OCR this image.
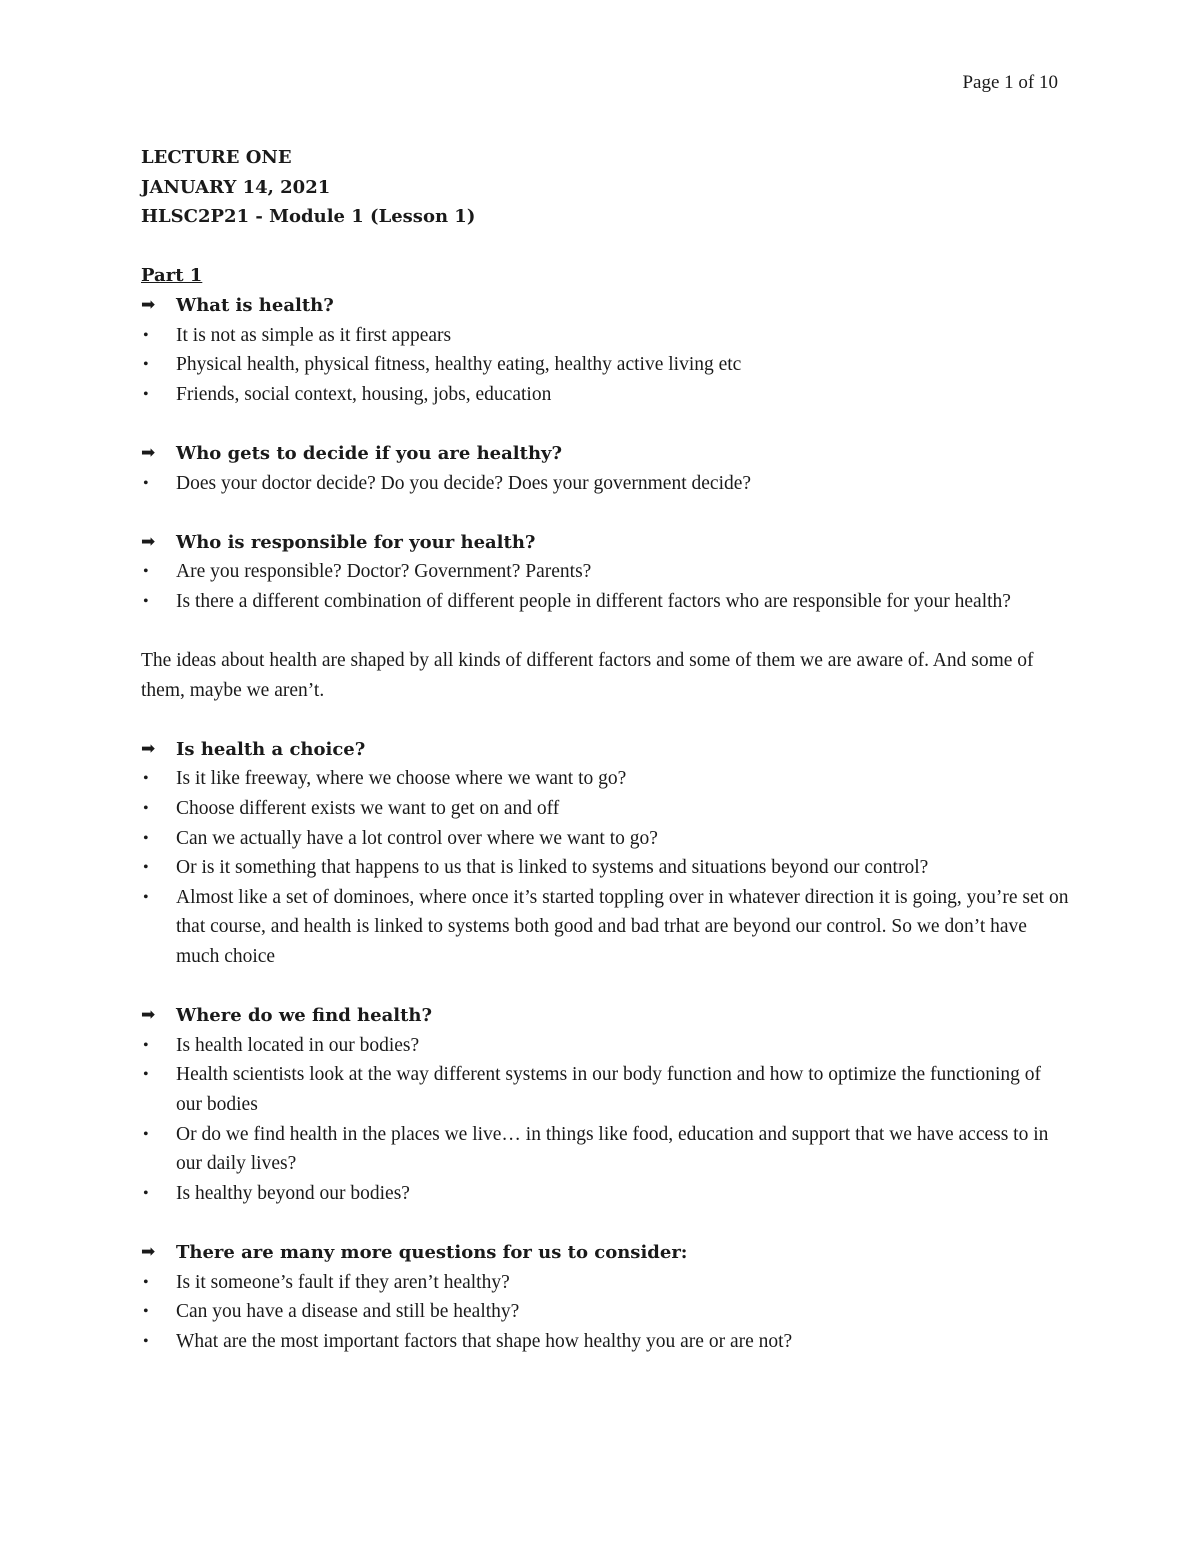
Page 1 of 10
LECTURE ONE
JANUARY 14, 2021
HLSC2P21 - Module 1 (Lesson 1)
Part 1
➡ What is health?
• It is not as simple as it first appears
• Physical health, physical fitness, healthy eating, healthy active living etc
• Friends, social context, housing, jobs, education
➡ Who gets to decide if you are healthy?
• Does your doctor decide? Do you decide? Does your government decide?
➡ Who is responsible for your health?
• Are you responsible? Doctor? Government? Parents?
• Is there a different combination of different people in different factors who are responsible for your health?
The ideas about health are shaped by all kinds of different factors and some of them we are aware of. And some of them, maybe we aren’t.
➡ Is health a choice?
• Is it like freeway, where we choose where we want to go?
• Choose different exists we want to get on and off
• Can we actually have a lot control over where we want to go?
• Or is it something that happens to us that is linked to systems and situations beyond our control?
• Almost like a set of dominoes, where once it’s started toppling over in whatever direction it is going, you’re set on that course, and health is linked to systems both good and bad trhat are beyond our control. So we don’t have much choice
➡ Where do we find health?
• Is health located in our bodies?
• Health scientists look at the way different systems in our body function and how to optimize the functioning of our bodies
• Or do we find health in the places we live… in things like food, education and support that we have access to in our daily lives?
• Is healthy beyond our bodies?
➡ There are many more questions for us to consider:
• Is it someone’s fault if they aren’t healthy?
• Can you have a disease and still be healthy?
• What are the most important factors that shape how healthy you are or are not?
